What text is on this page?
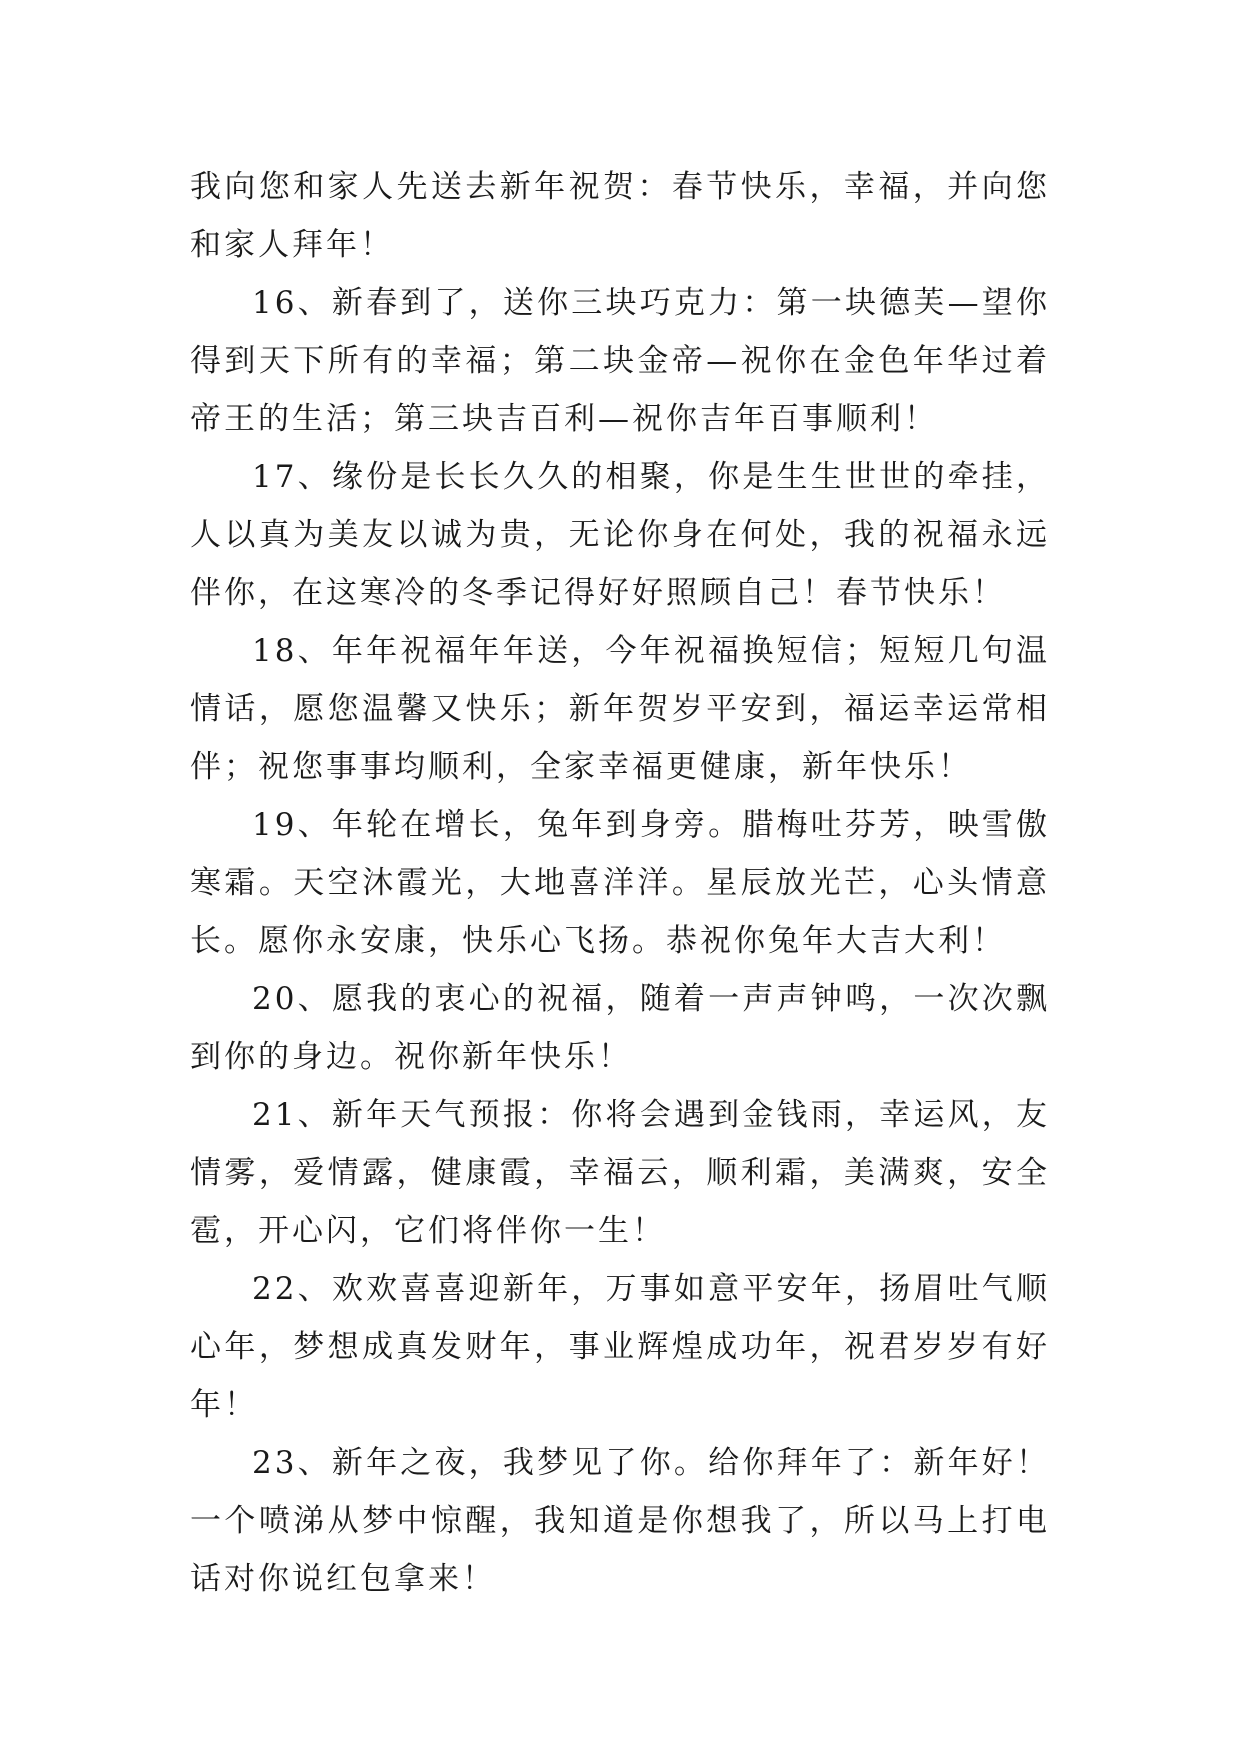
我向您和家人先送去新年祝贺：春节快乐，幸福，并向您和家人拜年！

16、新春到了，送你三块巧克力：第一块德芙—望你得到天下所有的幸福；第二块金帝—祝你在金色年华过着帝王的生活；第三块吉百利—祝你吉年百事顺利！

17、缘份是长长久久的相聚，你是生生世世的牵挂，人以真为美友以诚为贵，无论你身在何处，我的祝福永远伴你，在这寒冷的冬季记得好好照顾自己！春节快乐！

18、年年祝福年年送，今年祝福换短信；短短几句温情话，愿您温馨又快乐；新年贺岁平安到，福运幸运常相伴；祝您事事均顺利，全家幸福更健康，新年快乐！

19、年轮在增长，兔年到身旁。腊梅吐芬芳，映雪傲寒霜。天空沐霞光，大地喜洋洋。星辰放光芒，心头情意长。愿你永安康，快乐心飞扬。恭祝你兔年大吉大利！

20、愿我的衷心的祝福，随着一声声钟鸣，一次次飘到你的身边。祝你新年快乐！

21、新年天气预报：你将会遇到金钱雨，幸运风，友情雾，爱情露，健康霞，幸福云，顺利霜，美满爽，安全雹，开心闪，它们将伴你一生！

22、欢欢喜喜迎新年，万事如意平安年，扬眉吐气顺心年，梦想成真发财年，事业辉煌成功年，祝君岁岁有好年！

23、新年之夜，我梦见了你。给你拜年了：新年好！一个喷涕从梦中惊醒，我知道是你想我了，所以马上打电话对你说红包拿来！
